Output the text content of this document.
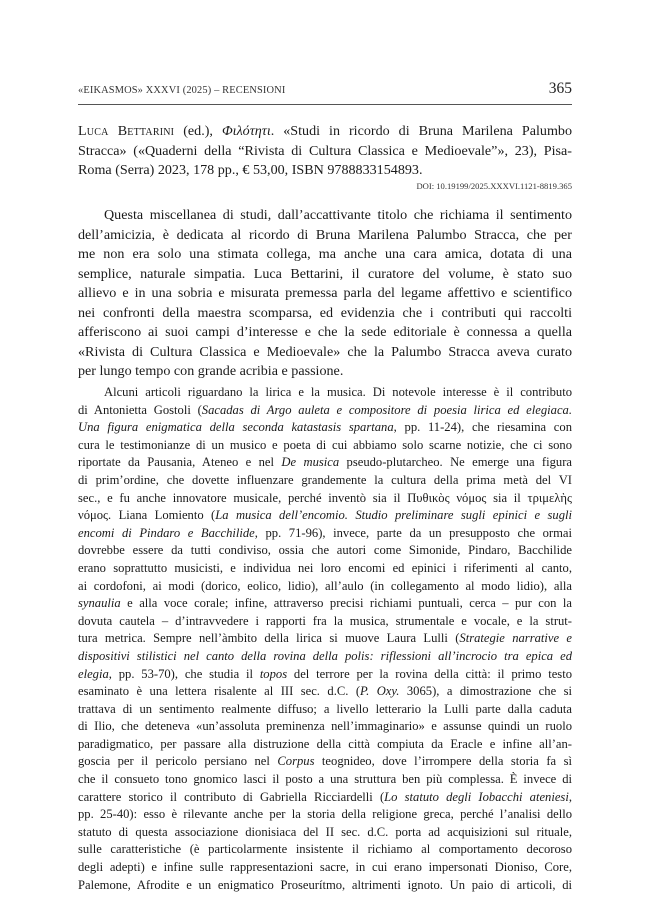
«EIKASMOS» XXXVI (2025) – RECENSIONI	365

Luca Bettarini (ed.), Φιλότητι. «Studi in ricordo di Bruna Marilena Palumbo

Stracca» («Quaderni della “Rivista di Cultura Classica e Medioevale”», 23), Pisa-

Roma (Serra) 2023, 178 pp., € 53,00, ISBN 9788833154893.

DOI: 10.19199/2025.XXXVI.1121-8819.365

Questa miscellanea di studi, dall’accattivante titolo che richiama il sentimento

dell’amicizia, è dedicata al ricordo di Bruna Marilena Palumbo Stracca, che per

me non era solo una stimata collega, ma anche una cara amica, dotata di una

semplice, naturale simpatia. Luca Bettarini, il curatore del volume, è stato suo

allievo e in una sobria e misurata premessa parla del legame affettivo e scientifico

nei confronti della maestra scomparsa, ed evidenzia che i contributi qui raccolti

afferiscono ai suoi campi d’interesse e che la sede editoriale è connessa a quella

«Rivista di Cultura Classica e Medioevale» che la Palumbo Stracca aveva curato

per lungo tempo con grande acribia e passione.

Alcuni articoli riguardano la lirica e la musica. Di notevole interesse è il contributo

di Antonietta Gostoli (Sacadas di Argo auleta e compositore di poesia lirica ed elegiaca.

Una figura enigmatica della seconda katastasis spartana, pp. 11-24), che riesamina con

cura le testimonianze di un musico e poeta di cui abbiamo solo scarne notizie, che ci sono

riportate da Pausania, Ateneo e nel De musica pseudo-plutarcheo. Ne emerge una figura

di prim’ordine, che dovette influenzare grandemente la cultura della prima metà del VI

sec., e fu anche innovatore musicale, perché inventò sia il Πυθικὸς νόμος sia il τριμελὴς

νόμος. Liana Lomiento (La musica dell’encomio. Studio preliminare sugli epinici e sugli

encomi di Pindaro e Bacchilide, pp. 71-96), invece, parte da un presupposto che ormai

dovrebbe essere da tutti condiviso, ossia che autori come Simonide, Pindaro, Bacchilide

erano soprattutto musicisti, e individua nei loro encomi ed epinici i riferimenti al canto,

ai cordofoni, ai modi (dorico, eolico, lidio), all’aulo (in collegamento al modo lidio), alla

synaulia e alla voce corale; infine, attraverso precisi richiami puntuali, cerca – pur con la

dovuta cautela – d’intravvedere i rapporti fra la musica, strumentale e vocale, e la strut-

tura metrica. Sempre nell’àmbito della lirica si muove Laura Lulli (Strategie narrative e

dispositivi stilistici nel canto della rovina della polis: riflessioni all’incrocio tra epica ed

elegia, pp. 53-70), che studia il topos del terrore per la rovina della città: il primo testo

esaminato è una lettera risalente al III sec. d.C. (P. Oxy. 3065), a dimostrazione che si

trattava di un sentimento realmente diffuso; a livello letterario la Lulli parte dalla caduta

di Ilio, che deteneva «un’assoluta preminenza nell’immaginario» e assunse quindi un ruolo

paradigmatico, per passare alla distruzione della città compiuta da Eracle e infine all’an-

goscia per il pericolo persiano nel Corpus teognideo, dove l’irrompere della storia fa sì

che il consueto tono gnomico lasci il posto a una struttura ben più complessa. È invece di

carattere storico il contributo di Gabriella Ricciardelli (Lo statuto degli Iobacchi ateniesi,

pp. 25-40): esso è rilevante anche per la storia della religione greca, perché l’analisi dello

statuto di questa associazione dionisiaca del II sec. d.C. porta ad acquisizioni sul rituale,

sulle caratteristiche (è particolarmente insistente il richiamo al comportamento decoroso

degli adepti) e infine sulle rappresentazioni sacre, in cui erano impersonati Dioniso, Core,

Palemone, Afrodite e un enigmatico Proseurítmo, altrimenti ignoto. Un paio di articoli, di
